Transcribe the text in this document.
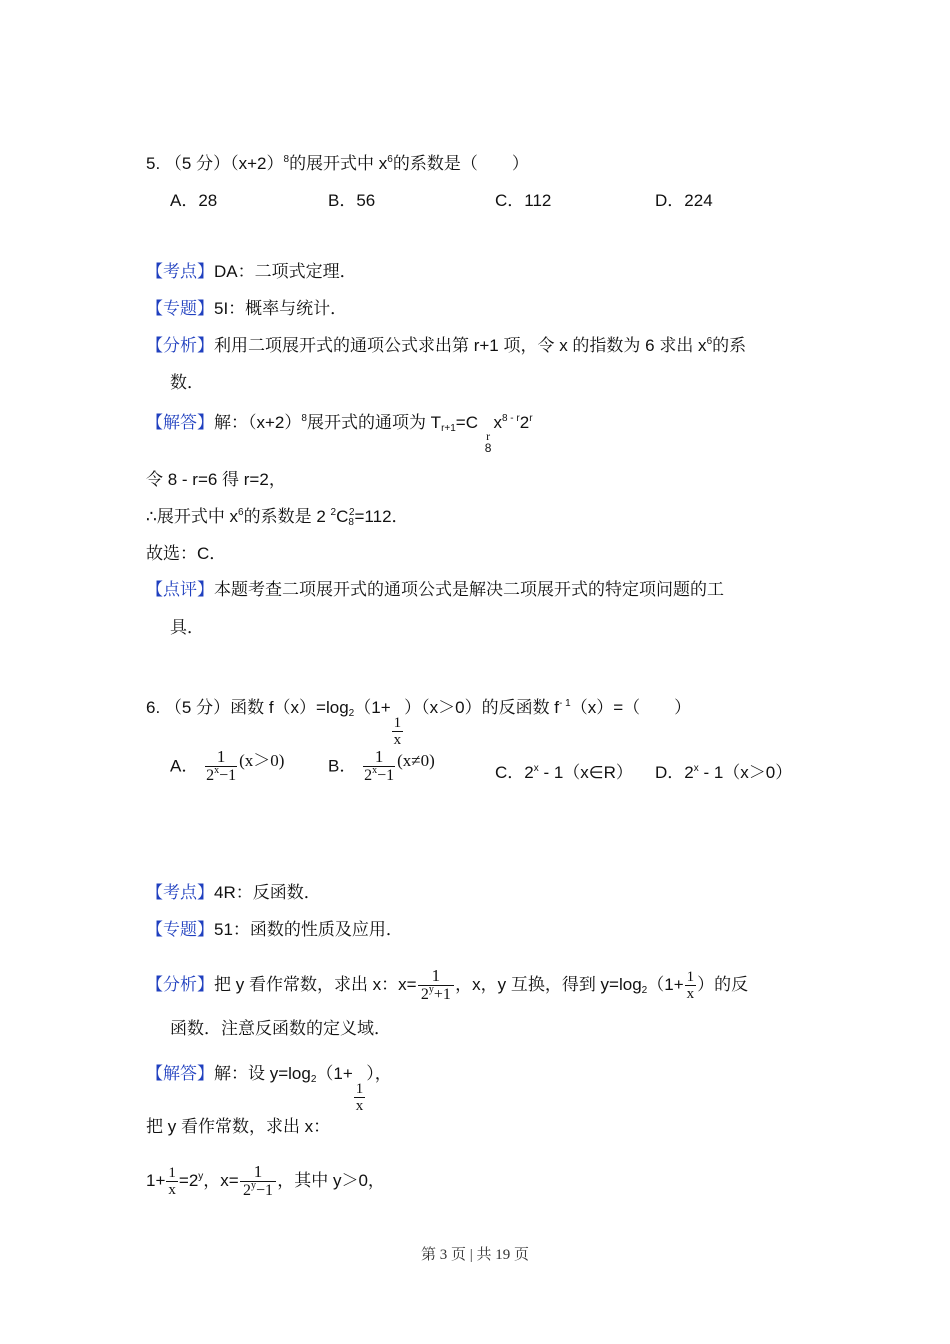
5. （5 分）$(x+2)^8$的展开式中 $x^6$的系数是（　　）
A．28	B．56	C．112	D．224
【考点】DA：二项式定理．
【专题】5I：概率与统计．
【分析】利用二项展开式的通项公式求出第 r+1 项，令 x 的指数为 6 求出 $x^6$的系
数．
【解答】解：$(x+2)^8$展开式的通项为 $T_{r+1}=C$
r
8
$x^{8 - r}2^r$
令 8 - r=6 得 r=2，
∴展开式中 $x^6$的系数是 2 $^2C_8^2=112$．
故选：C．
【点评】本题考查二项展开式的通项公式是解决二项展开式的特定项问题的工
具．
6. （5 分）函数 $f(x)=\log_2(1+$
$\frac{1}{x}$
）（x＞0）的反函数 $f^{- 1}(x)=$（　　）
A． $\frac{1}{2^x-1} (x>0)$	B． $\frac{1}{2^x-1} (x\ne 0)$
C．2$^x$ - 1（x∈R） D．2$^x$ - 1（x＞0）
【考点】4R：反函数．
【专题】51：函数的性质及应用．
【分析】把 y 看作常数，求出 x：$x= \frac{1}{2^y+1}$ ，x，y 互换，得到 $y=\log_2(1+ \frac{1}{x}$ ）的反
函数．注意反函数的定义域．
【解答】解：设 $y=\log_2(1+$
$\frac{1}{x}$
），
把 y 看作常数，求出 x：
$1+ \frac{1}{x} =2^y$，$x= \frac{1}{2^y-1}$ ，其中 y＞0，
第 3 页 | 共 19 页
